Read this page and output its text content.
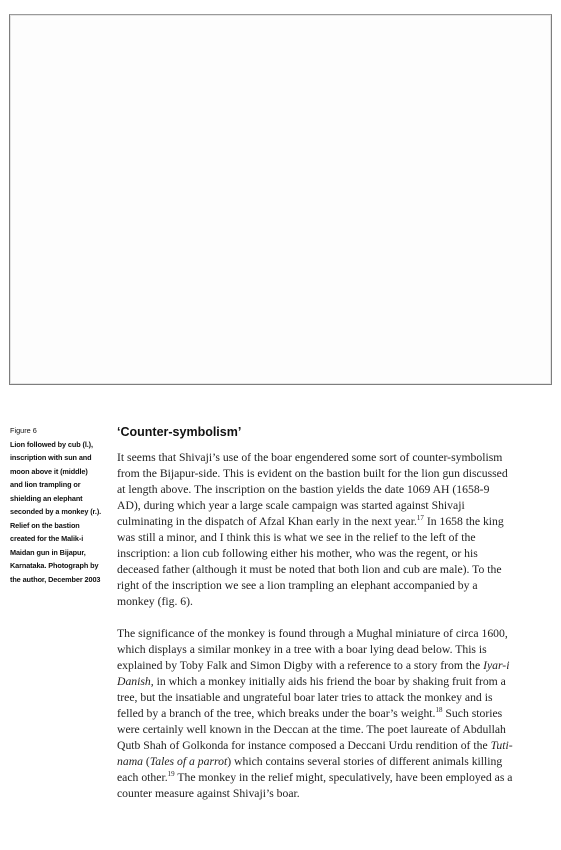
Figure 6
Lion followed by cub (l.), inscription with sun and moon above it (middle) and lion trampling or shielding an elephant seconded by a monkey (r.). Relief on the bastion created for the Malik-i Maidan gun in Bijapur, Karnataka. Photograph by the author, December 2003
‘Counter-symbolism’

It seems that Shivaji’s use of the boar engendered some sort of counter-symbolism from the Bijapur-side. This is evident on the bastion built for the lion gun discussed at length above. The inscription on the bastion yields the date 1069 AH (1658-9 AD), during which year a large scale campaign was started against Shivaji culminating in the dispatch of Afzal Khan early in the next year.$^{17}$ In 1658 the king was still a minor, and I think this is what we see in the relief to the left of the inscription: a lion cub following either his mother, who was the regent, or his deceased father (although it must be noted that both lion and cub are male). To the right of the inscription we see a lion trampling an elephant accompanied by a monkey (fig. 6).

The significance of the monkey is found through a Mughal miniature of circa 1600, which displays a similar monkey in a tree with a boar lying dead below. This is explained by Toby Falk and Simon Digby with a reference to a story from the Iyar-i Danish, in which a monkey initially aids his friend the boar by shaking fruit from a tree, but the insatiable and ungrateful boar later tries to attack the monkey and is felled by a branch of the tree, which breaks under the boar’s weight.$^{18}$ Such stories were certainly well known in the Deccan at the time. The poet laureate of Abdullah Qutb Shah of Golkonda for instance composed a Deccani Urdu rendition of the Tuti-nama (Tales of a parrot) which contains several stories of different animals killing each other.$^{19}$ The monkey in the relief might, speculatively, have been employed as a counter measure against Shivaji’s boar.
